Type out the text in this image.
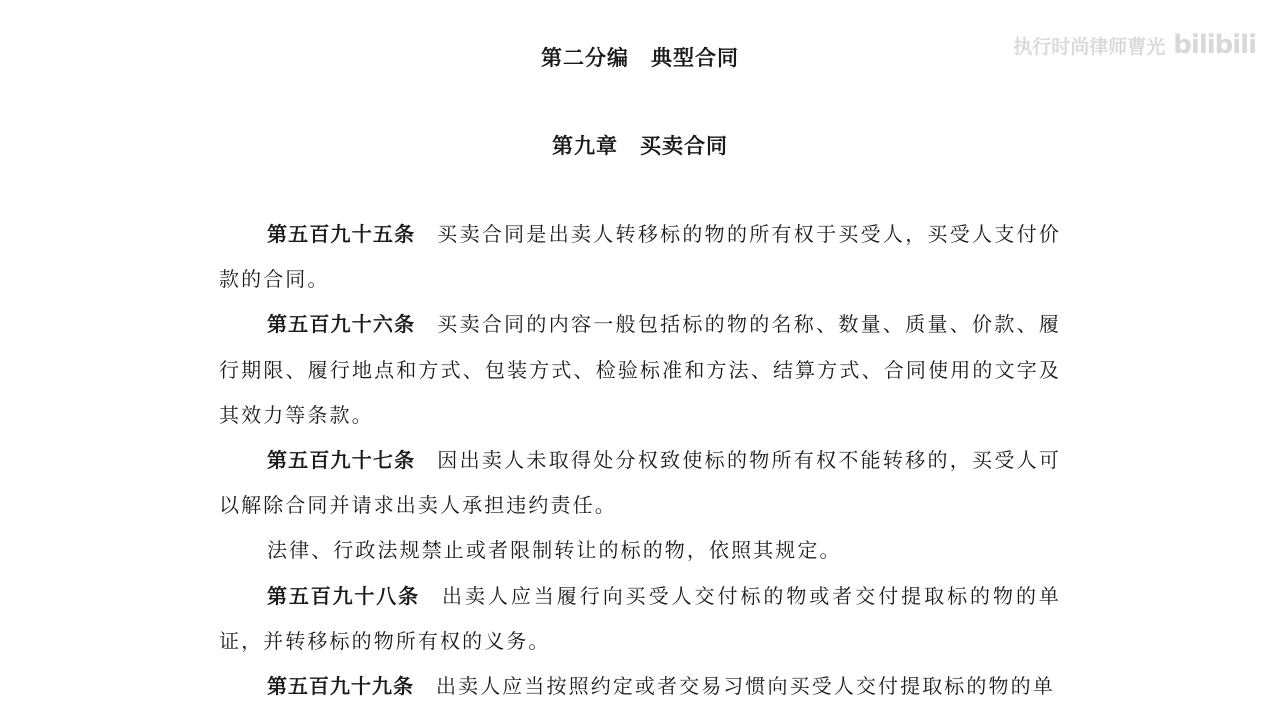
执行时尚律师曹光 bilibili
第二分编　典型合同
第九章　买卖合同

第五百九十五条 买卖合同是出卖人转移标的物的所有权于买受人，买受人支付价款的合同。

第五百九十六条 买卖合同的内容一般包括标的物的名称、数量、质量、价款、履行期限、履行地点和方式、包装方式、检验标准和方法、结算方式、合同使用的文字及其效力等条款。

第五百九十七条 因出卖人未取得处分权致使标的物所有权不能转移的，买受人可以解除合同并请求出卖人承担违约责任。

法律、行政法规禁止或者限制转让的标的物，依照其规定。

第五百九十八条 出卖人应当履行向买受人交付标的物或者交付提取标的物的单证，并转移标的物所有权的义务。

第五百九十九条 出卖人应当按照约定或者交易习惯向买受人交付提取标的物的单
